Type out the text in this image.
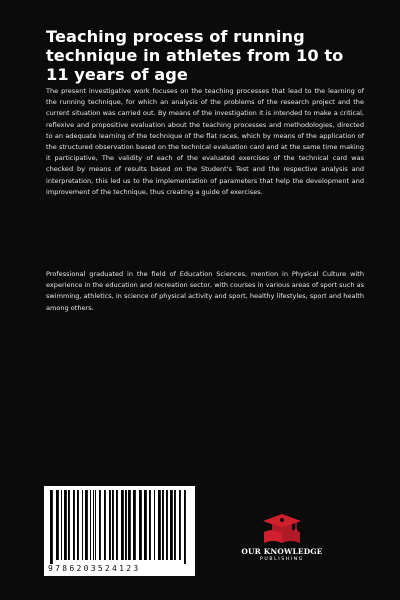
Teaching process of running technique in athletes from 10 to 11 years of age

The present investigative work focuses on the teaching processes that lead to the learning of the running technique, for which an analysis of the problems of the research project and the current situation was carried out. By means of the investigation it is intended to make a critical, reflexive and propositive evaluation about the teaching processes and methodologies, directed to an adequate learning of the technique of the flat races, which by means of the application of the structured observation based on the technical evaluation card and at the same time making it participative, The validity of each of the evaluated exercises of the technical card was checked by means of results based on the Student's Test and the respective analysis and interpretation, this led us to the implementation of parameters that help the development and improvement of the technique, thus creating a guide of exercises.

Professional graduated in the field of Education Sciences, mention in Physical Culture with experience in the education and recreation sector, with courses in various areas of sport such as swimming, athletics, in science of physical activity and sport, healthy lifestyles, sport and health among others.

9786203524123
OUR KNOWLEDGE
PUBLISHING
